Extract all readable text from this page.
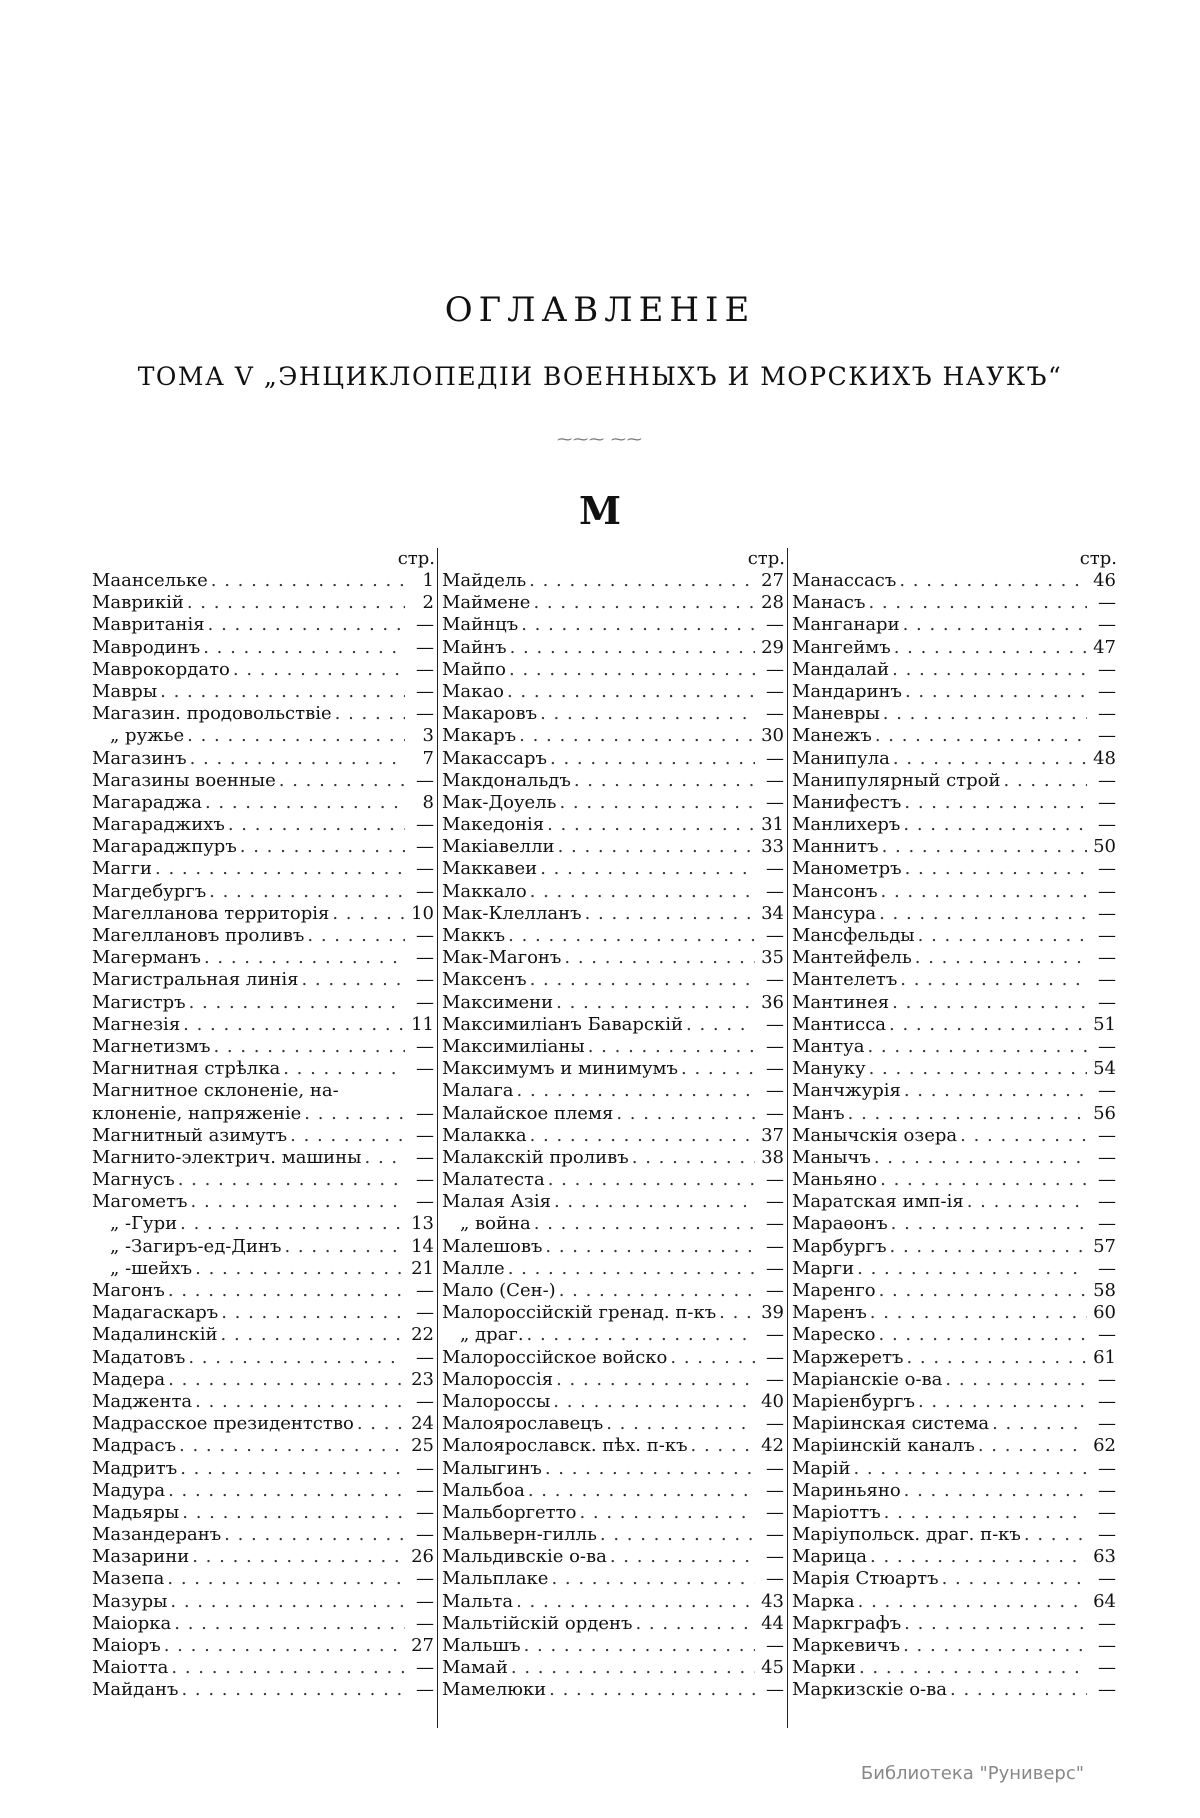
ОГЛАВЛЕНІЕ
ТОМА V „ЭНЦИКЛОПЕДІИ ВОЕННЫХЪ И МОРСКИХЪ НАУКЪ“
⁓⁓⁓ ⁓⁓
M
стр.
Маансельке . . .	1
Маврикій . . .	2
Мавританія . . .	—
Мавродинъ . . .	—
Маврокордато . . .	—
Мавры . . .	—
Магазин. продовольствіе . . .	—
„ ружье . . .	3
Магазинъ . . .	7
Магазины военные . . .	—
Магараджа . . .	8
Магараджихъ . . .	—
Магараджпуръ . . .	—
Магги . . .	—
Магдебургъ . . .	—
Магелланова территорія . . .	10
Магеллановъ проливъ . . .	—
Магерманъ . . .	—
Магистральная линія . . .	—
Магистръ . . .	—
Магнезія . . .	11
Магнетизмъ . . .	—
Магнитная стрѣлка . . .	—
Магнитное склоненіе, на-
клоненіе, напряженіе . . .	—
Магнитный азимутъ . . .	—
Магнито-электрич. машины . . .	—
Магнусъ . . .	—
Магометъ . . .	—
„ -Гури . . .	13
„ -Загиръ-ед-Динъ . . .	14
„ -шейхъ . . .	21
Магонъ . . .	—
Мадагаскаръ . . .	—
Мадалинскій . . .	22
Мадатовъ . . .	—
Мадера . . .	23
Маджента . . .	—
Мадрасское президентство . . .	24
Мадрасъ . . .	25
Мадритъ . . .	—
Мадура . . .	—
Мадьяры . . .	—
Мазандеранъ . . .	—
Мазарини . . .	26
Мазепа . . .	—
Мазуры . . .	—
Маіорка . . .	—
Маіоръ . . .	27
Маіотта . . .	—
Майданъ . . .	—
стр.
Майдель . . .	27
Маймене . . .	28
Майнцъ . . .	—
Майнъ . . .	29
Майпо . . .	—
Макао . . .	—
Макаровъ . . .	—
Макаръ . . .	30
Макассаръ . . .	—
Макдональдъ . . .	—
Мак-Доуель . . .	—
Македонія . . .	31
Макіавелли . . .	33
Маккавеи . . .	—
Маккало . . .	—
Мак-Клелланъ . . .	34
Маккъ . . .	—
Мак-Магонъ . . .	35
Максенъ . . .	—
Максимени . . .	36
Максимиліанъ Баварскій . . .	—
Максимиліаны . . .	—
Максимумъ и минимумъ . . .	—
Малага . . .	—
Малайское племя . . .	—
Малакка . . .	37
Малакскій проливъ . . .	38
Малатеста . . .	—
Малая Азія . . .	—
„ война . . .	—
Малешовъ . . .	—
Малле . . .	—
Мало (Сен-) . . .	—
Малороссійскій гренад. п-къ . . . 39
„ драг. . . .	—
Малороссійское войско . . .	—
Малороссія . . .	—
Малороссы . . .	40
Малоярославецъ . . .	—
Малоярославск. пѣх. п-къ . . .	42
Малыгинъ . . .	—
Мальбоа . . .	—
Мальборгетто . . .	—
Мальверн-гилль . . .	—
Мальдивскіе о-ва . . .	—
Мальплаке . . .	—
Мальта . . .	43
Мальтійскій орденъ . . .	44
Мальшъ . . .	—
Мамай . . .	45
Мамелюки . . .	—
стр.
Манассасъ . . .	46
Манасъ . . .	—
Манганари . . .	—
Мангеймъ . . .	47
Мандалай . . .	—
Мандаринъ . . .	—
Маневры . . .	—
Манежъ . . .	—
Манипула . . .	48
Манипулярный строй . . .	—
Манифестъ . . .	—
Манлихеръ . . .	—
Маннитъ . . .	50
Манометръ . . .	—
Мансонъ . . .	—
Мансура . . .	—
Мансфельды . . .	—
Мантейфель . . .	—
Мантелетъ . . .	—
Мантинея . . .	—
Мантисса . . .	51
Мантуа . . .	—
Мануку . . .	54
Манчжурія . . .	—
Манъ . . .	56
Манычскія озера . . .	—
Манычъ . . .	—
Маньяно . . .	—
Маратская имп-ія . . .	—
Мараѳонъ . . .	—
Марбургъ . . .	57
Марги . . .	—
Маренго . . .	58
Маренъ . . .	60
Мареско . . .	—
Маржеретъ . . .	61
Маріанскіе о-ва . . .	—
Маріенбургъ . . .	—
Маріинская система . . .	—
Маріинскій каналъ . . .	62
Марій . . .	—
Мариньяно . . .	—
Маріоттъ . . .	—
Маріупольск. драг. п-къ . . .	—
Марица . . .	63
Марія Стюартъ . . .	—
Марка . . .	64
Маркграфъ . . .	—
Маркевичъ . . .	—
Марки . . .	—
Маркизскіе о-ва . . .	—
Библиотека "Руниверс"
